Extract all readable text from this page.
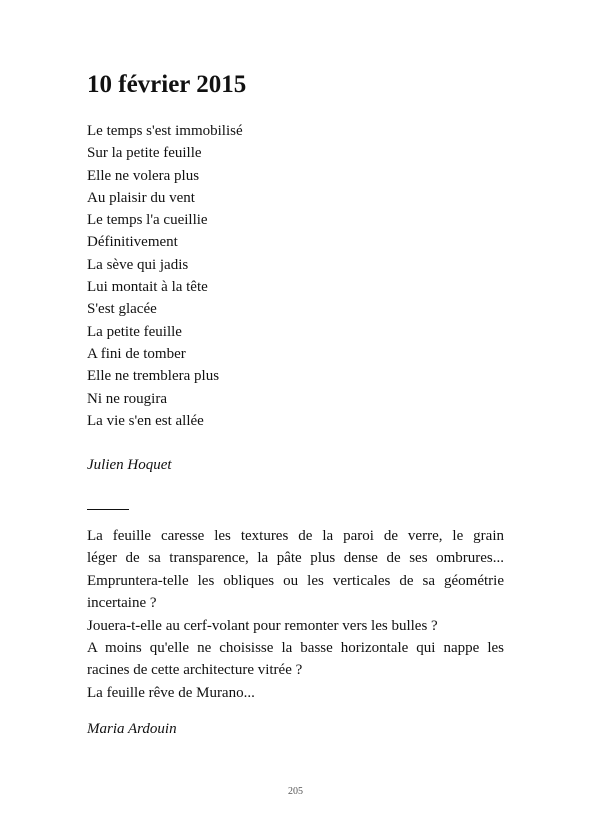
10 février 2015
Le temps s'est immobilisé
Sur la petite feuille
Elle ne volera plus
Au plaisir du vent
Le temps l'a cueillie
Définitivement
La sève qui jadis
Lui montait à la tête
S'est glacée
La petite feuille
A fini de tomber
Elle ne tremblera plus
Ni ne rougira
La vie s'en est allée
Julien Hoquet
La feuille caresse les textures de la paroi de verre, le grain
léger de sa transparence, la pâte plus dense de ses ombrures...
Empruntera-telle les obliques ou les verticales de sa géométrie
incertaine ?
Jouera-t-elle au cerf-volant pour remonter vers les bulles ?
A moins qu'elle ne choisisse la basse horizontale qui nappe les
racines de cette architecture vitrée ?
La feuille rêve de Murano...
Maria Ardouin
205
